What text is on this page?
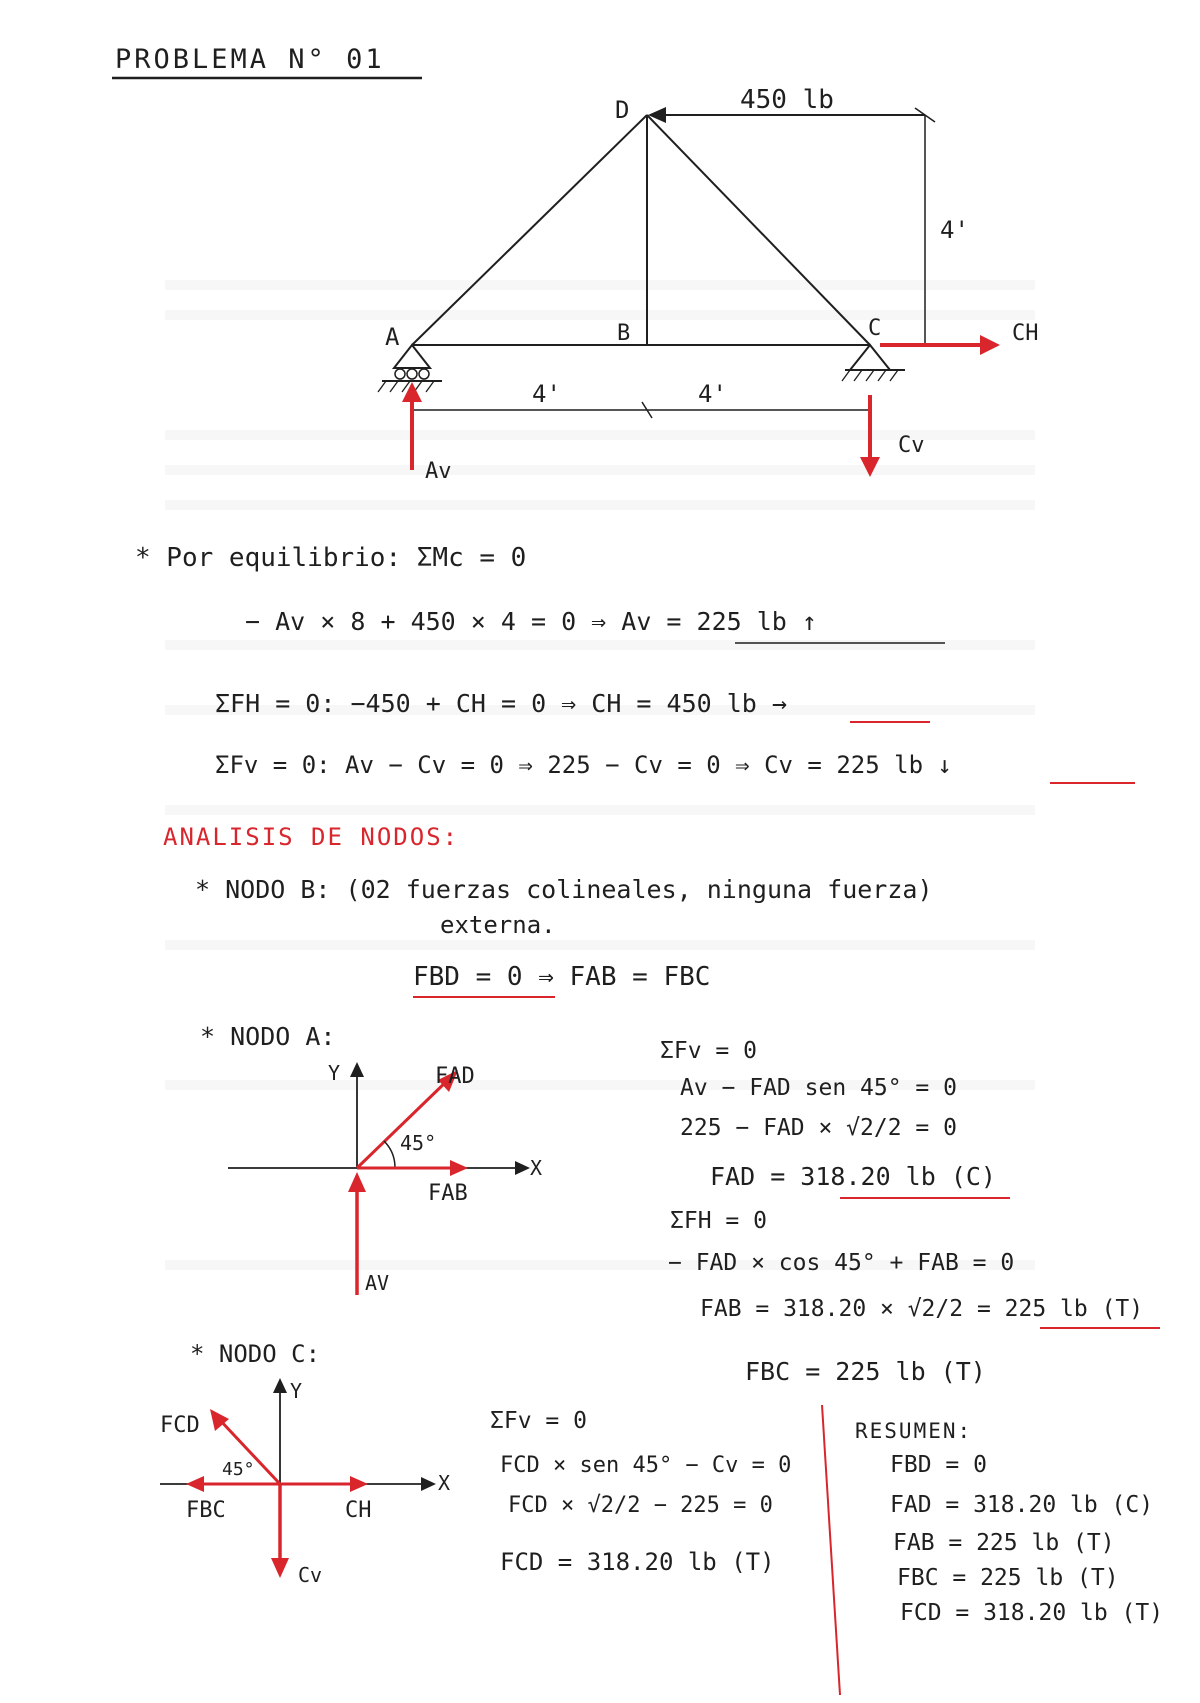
PROBLEMA N° 01
D
A	B	C
450 lb
4'
4'	4'
Av
Cv
CH
* Por equilibrio: ΣMc = 0
− Av × 8 + 450 × 4 = 0 ⇒ Av = 225 lb ↑
ΣFH = 0: −450 + CH = 0 ⇒ CH = 450 lb →
ΣFv = 0: Av − Cv = 0 ⇒ 225 − Cv = 0 ⇒ Cv = 225 lb ↓
ANALISIS DE NODOS:
* NODO B: (02 fuerzas colineales, ninguna fuerza)
externa.
FBD = 0 ⇒ FAB = FBC
* NODO A:
Y
X
FAD
45°
FAB
AV
ΣFv = 0
Av − FAD sen 45° = 0
225 − FAD × √2/2 = 0
FAD = 318.20 lb (C)
ΣFH = 0
− FAD × cos 45° + FAB = 0
FAB = 318.20 × √2/2 = 225 lb (T)
FBC = 225 lb (T)
* NODO C:
Y
X
FCD
45°
FBC	CH
Cv
ΣFv = 0
FCD × sen 45° − Cv = 0
FCD × √2/2 − 225 = 0
FCD = 318.20 lb (T)
RESUMEN:
FBD = 0
FAD = 318.20 lb (C)
FAB = 225 lb (T)
FBC = 225 lb (T)
FCD = 318.20 lb (T)
